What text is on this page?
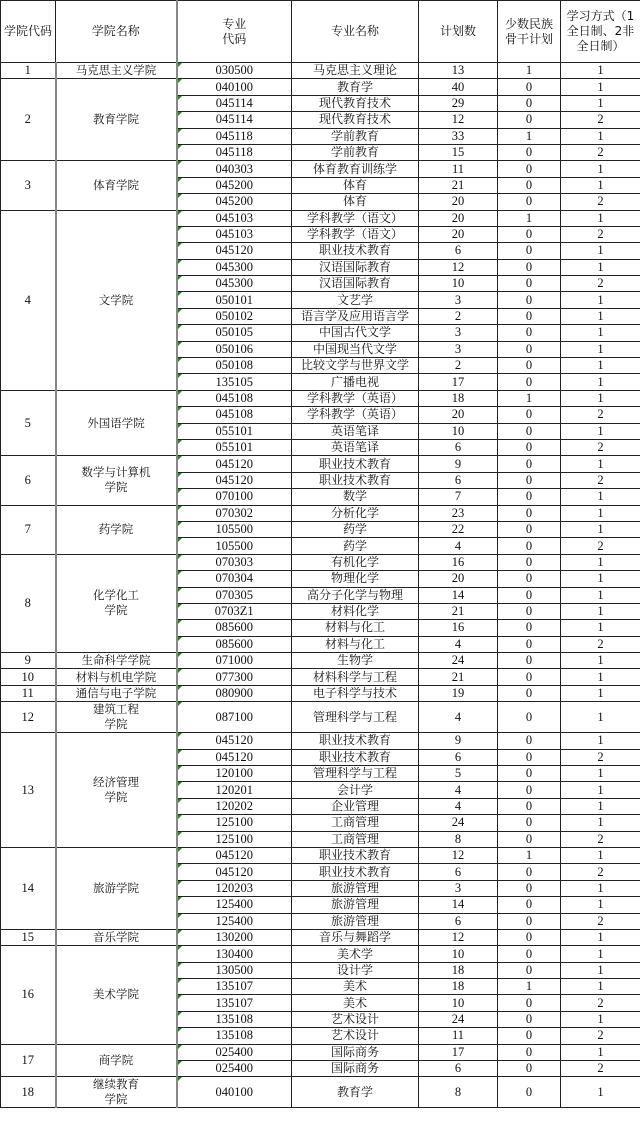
学院代码	学院名称	专业
代码	专业名称	计划数	少数民族
骨干计划	学习方式（1
全日制、2非
全日制）
1	马克思主义学院	030500	马克思主义理论	13	1	1
2	教育学院	040100	教育学	40	0	1
		045114	现代教育技术	29	0	1
		045114	现代教育技术	12	0	2
		045118	学前教育	33	1	1
		045118	学前教育	15	0	2
3	体育学院	040303	体育教育训练学	11	0	1
		045200	体育	21	0	1
		045200	体育	20	0	2
4	文学院	045103	学科教学（语文）	20	1	1
		045103	学科教学（语文）	20	0	2
		045120	职业技术教育	6	0	1
		045300	汉语国际教育	12	0	1
		045300	汉语国际教育	10	0	2
		050101	文艺学	3	0	1
		050102	语言学及应用语言学	2	0	1
		050105	中国古代文学	3	0	1
		050106	中国现当代文学	3	0	1
		050108	比较文学与世界文学	2	0	1
		135105	广播电视	17	0	1
5	外国语学院	045108	学科教学（英语）	18	1	1
		045108	学科教学（英语）	20	0	2
		055101	英语笔译	10	0	1
		055101	英语笔译	6	0	2
6	数学与计算机
学院	045120	职业技术教育	9	0	1
		045120	职业技术教育	6	0	2
		070100	数学	7	0	1
7	药学院	070302	分析化学	23	0	1
		105500	药学	22	0	1
		105500	药学	4	0	2
8	化学化工
学院	070303	有机化学	16	0	1
		070304	物理化学	20	0	1
		070305	高分子化学与物理	14	0	1
		0703Z1	材料化学	21	0	1
		085600	材料与化工	16	0	1
		085600	材料与化工	4	0	2
9	生命科学学院	071000	生物学	24	0	1
10	材料与机电学院	077300	材料科学与工程	21	0	1
11	通信与电子学院	080900	电子科学与技术	19	0	1
12	建筑工程
学院	087100	管理科学与工程	4	0	1
13	经济管理
学院	045120	职业技术教育	9	0	1
		045120	职业技术教育	6	0	2
		120100	管理科学与工程	5	0	1
		120201	会计学	4	0	1
		120202	企业管理	4	0	1
		125100	工商管理	24	0	1
		125100	工商管理	8	0	2
14	旅游学院	045120	职业技术教育	12	1	1
		045120	职业技术教育	6	0	2
		120203	旅游管理	3	0	1
		125400	旅游管理	14	0	1
		125400	旅游管理	6	0	2
15	音乐学院	130200	音乐与舞蹈学	12	0	1
16	美术学院	130400	美术学	10	0	1
		130500	设计学	18	0	1
		135107	美术	18	1	1
		135107	美术	10	0	2
		135108	艺术设计	24	0	1
		135108	艺术设计	11	0	2
17	商学院	025400	国际商务	17	0	1
		025400	国际商务	6	0	2
18	继续教育
学院	040100	教育学	8	0	1
